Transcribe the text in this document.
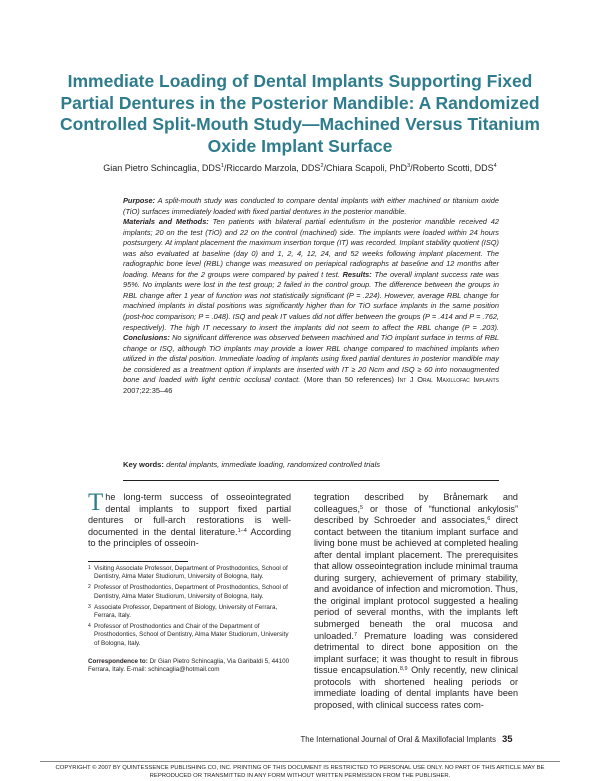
Immediate Loading of Dental Implants Supporting Fixed Partial Dentures in the Posterior Mandible: A Randomized Controlled Split-Mouth Study—Machined Versus Titanium Oxide Implant Surface
Gian Pietro Schincaglia, DDS$^1$/Riccardo Marzola, DDS$^2$/Chiara Scapoli, PhD$^3$/Roberto Scotti, DDS$^4$
Purpose: A split-mouth study was conducted to compare dental implants with either machined or titanium oxide (TiO) surfaces immediately loaded with fixed partial dentures in the posterior mandible.
Materials and Methods: Ten patients with bilateral partial edentulism in the posterior mandible received 42 implants; 20 on the test (TiO) and 22 on the control (machined) side. The implants were loaded within 24 hours postsurgery. At implant placement the maximum insertion torque (IT) was recorded. Implant stability quotient (ISQ) was also evaluated at baseline (day 0) and 1, 2, 4, 12, 24, and 52 weeks following implant placement. The radiographic bone level (RBL) change was measured on periapical radiographs at baseline and 12 months after loading. Means for the 2 groups were compared by paired t test. Results: The overall implant success rate was 95%. No implants were lost in the test group; 2 failed in the control group. The difference between the groups in RBL change after 1 year of function was not statistically significant (P = .224). However, average RBL change for machined implants in distal positions was significantly higher than for TiO surface implants in the same position (post-hoc comparison; P = .048). ISQ and peak IT values did not differ between the groups (P = .414 and P = .762, respectively). The high IT necessary to insert the implants did not seem to affect the RBL change (P = .203). Conclusions: No significant difference was observed between machined and TiO implant surface in terms of RBL change or ISQ, although TiO implants may provide a lower RBL change compared to machined implants when utilized in the distal position. Immediate loading of implants using fixed partial dentures in posterior mandible may be considered as a treatment option if implants are inserted with IT ≥ 20 Ncm and ISQ ≥ 60 into nonaugmented bone and loaded with light centric occlusal contact. (More than 50 references) Int J Oral Maxillofac Implants 2007;22:35–46
Key words: dental implants, immediate loading, randomized controlled trials
The long-term success of osseointegrated dental implants to support fixed partial dentures or full-arch restorations is well-documented in the dental literature.$^{1-4}$ According to the principles of osseoin-
1 Visiting Associate Professor, Department of Prosthodontics, School of Dentistry, Alma Mater Studiorum, University of Bologna, Italy.
2 Professor of Prosthodontics, Department of Prosthodontics, School of Dentistry, Alma Mater Studiorum, University of Bologna, Italy.
3 Associate Professor, Department of Biology, University of Ferrara, Ferrara, Italy.
4 Professor of Prosthodontics and Chair of the Department of Prosthodontics, School of Dentistry, Alma Mater Studiorum, University of Bologna, Italy.
Correspondence to: Dr Gian Pietro Schincaglia, Via Garibaldi 5, 44100 Ferrara, Italy. E-mail: schincaglia@hotmail.com
tegration described by Brånemark and colleagues,$^5$ or those of “functional ankylosis” described by Schroeder and associates,$^6$ direct contact between the titanium implant surface and living bone must be achieved at completed healing after dental implant placement. The prerequisites that allow osseointegration include minimal trauma during surgery, achievement of primary stability, and avoidance of infection and micromotion. Thus, the original implant protocol suggested a healing period of several months, with the implants left submerged beneath the oral mucosa and unloaded.$^7$ Premature loading was considered detrimental to direct bone apposition on the implant surface; it was thought to result in fibrous tissue encapsulation.$^{8,9}$ Only recently, new clinical protocols with shortened healing periods or immediate loading of dental implants have been proposed, with clinical success rates com-
The International Journal of Oral & Maxillofacial Implants 35
COPYRIGHT © 2007 BY QUINTESSENCE PUBLISHING CO, INC. PRINTING OF THIS DOCUMENT IS RESTRICTED TO PERSONAL USE ONLY. NO PART OF THIS ARTICLE MAY BE REPRODUCED OR TRANSMITTED IN ANY FORM WITHOUT WRITTEN PERMISSION FROM THE PUBLISHER.
